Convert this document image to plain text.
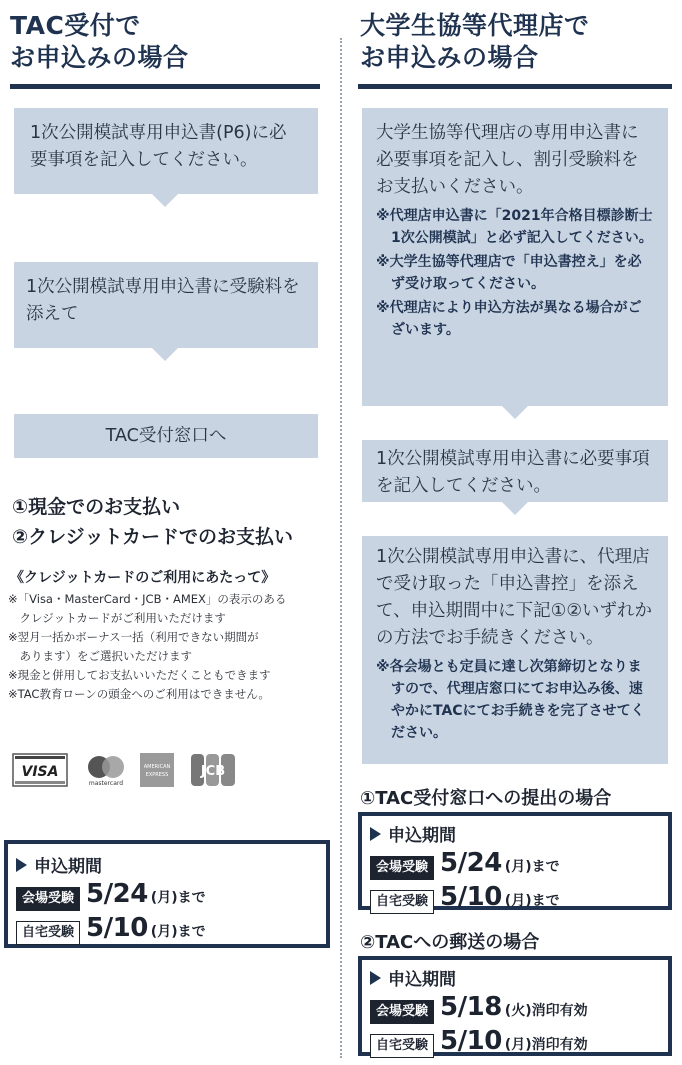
TAC受付で
お申込みの場合
1次公開模試専用申込書(P6)に必要事項を記入してください。
1次公開模試専用申込書に受験料を添えて
TAC受付窓口へ
①現金でのお支払い
②クレジットカードでのお支払い
《クレジットカードのご利用にあたって》
※「Visa・MasterCard・JCB・AMEX」の表示のある
　クレジットカードがご利用いただけます
※翌月一括かボーナス一括（利用できない期間が
　あります）をご選択いただけます
※現金と併用してお支払いいただくこともできます
※TAC教育ローンの頭金へのご利用はできません。
VISA
mastercard
AMERICAN
EXPRESS	JCB
申込期間
会場受験 5/24 (月)まで
自宅受験 5/10 (月)まで
大学生協等代理店で
お申込みの場合
大学生協等代理店の専用申込書に必要事項を記入し、割引受験料をお支払いください。
※代理店申込書に「2021年合格目標診断士1次公開模試」と必ず記入してください。
※大学生協等代理店で「申込書控え」を必ず受け取ってください。
※代理店により申込方法が異なる場合がございます。
1次公開模試専用申込書に必要事項を記入してください。
1次公開模試専用申込書に、代理店で受け取った「申込書控」を添えて、申込期間中に下記①②いずれかの方法でお手続きください。
※各会場とも定員に達し次第締切となりますので、代理店窓口にてお申込み後、速やかにTACにてお手続きを完了させてください。
①TAC受付窓口への提出の場合
申込期間
会場受験 5/24 (月)まで
自宅受験 5/10 (月)まで
②TACへの郵送の場合
申込期間
会場受験 5/18 (火)消印有効
自宅受験 5/10 (月)消印有効
